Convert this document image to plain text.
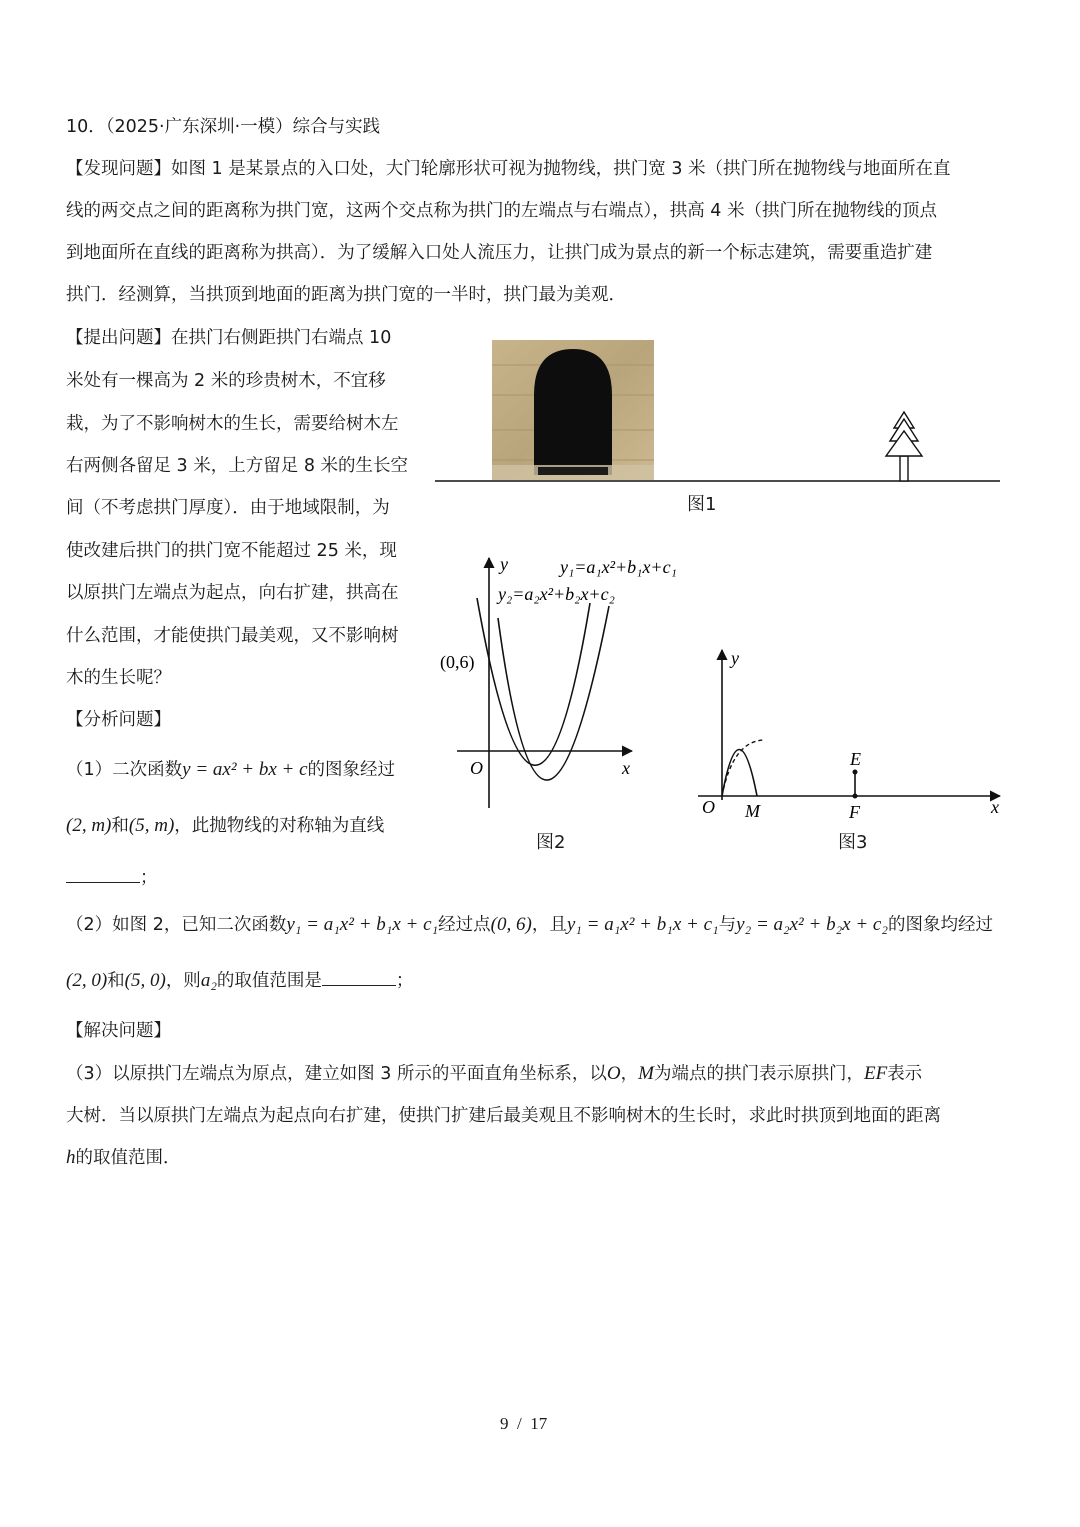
10．（2025·广东深圳·一模）综合与实践
【发现问题】如图 1 是某景点的入口处，大门轮廓形状可视为抛物线，拱门宽 3 米（拱门所在抛物线与地面所在直
线的两交点之间的距离称为拱门宽，这两个交点称为拱门的左端点与右端点），拱高 4 米（拱门所在抛物线的顶点
到地面所在直线的距离称为拱高）．为了缓解入口处人流压力，让拱门成为景点的新一个标志建筑，需要重造扩建
拱门．经测算，当拱顶到地面的距离为拱门宽的一半时，拱门最为美观．
【提出问题】在拱门右侧距拱门右端点 10
米处有一棵高为 2 米的珍贵树木，不宜移
栽，为了不影响树木的生长，需要给树木左
右两侧各留足 3 米，上方留足 8 米的生长空
间（不考虑拱门厚度）．由于地域限制，为
使改建后拱门的拱门宽不能超过 25 米，现
以原拱门左端点为起点，向右扩建，拱高在
什么范围，才能使拱门最美观，又不影响树
木的生长呢？
【分析问题】
（1）二次函数y = ax² + bx + c的图象经过
(2, m)和(5, m)，此抛物线的对称轴为直线
；
（2）如图 2，已知二次函数y₁ = a₁x² + b₁x + c₁经过点(0, 6)，且y₁ = a₁x² + b₁x + c₁与y₂ = a₂x² + b₂x + c₂的图象均经过
(2, 0)和(5, 0)，则a₂的取值范围是	；
【解决问题】
（3）以原拱门左端点为原点，建立如图 3 所示的平面直角坐标系，以O，M为端点的拱门表示原拱门，EF表示
大树．当以原拱门左端点为起点向右扩建，使拱门扩建后最美观且不影响树木的生长时，求此时拱顶到地面的距离
h的取值范围．
图1
y
x
O
(0,6)
y₁=a₁x²+b₁x+c₁
y₂=a₂x²+b₂x+c₂
图2
y
x
O M
E
F
图3
9  /  17
